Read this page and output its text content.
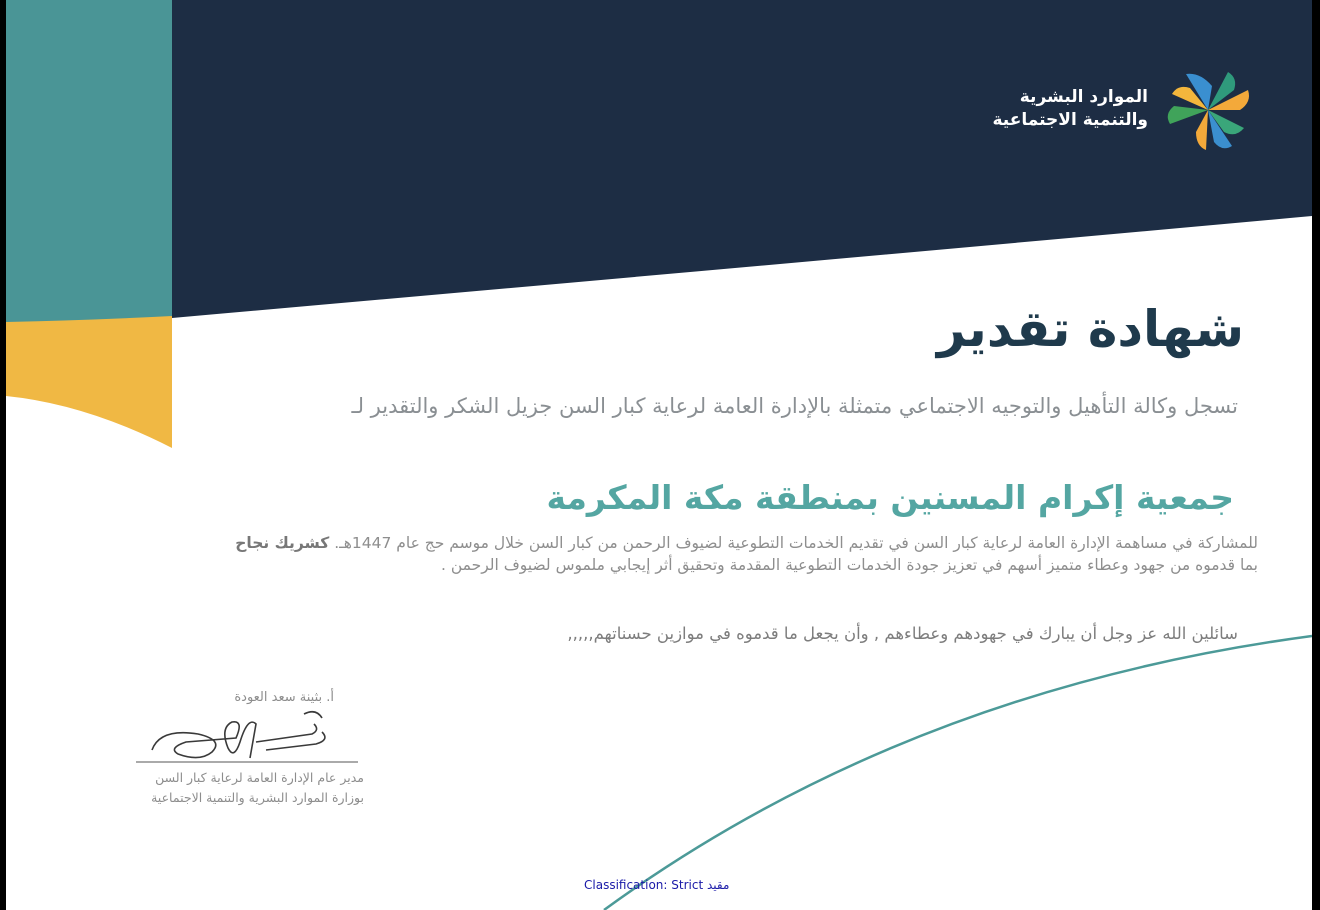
الموارد البشرية
والتنمية الاجتماعية
شهادة تقدير
تسجل وكالة التأهيل والتوجيه الاجتماعي متمثلة بالإدارة العامة لرعاية كبار السن جزيل الشكر والتقدير لـ
جمعية إكرام المسنين بمنطقة مكة المكرمة
للمشاركة في مساهمة الإدارة العامة لرعاية كبار السن في تقديم الخدمات التطوعية لضيوف الرحمن من كبار السن خلال موسم حج عام 1447هـ. كشريك نجاح
بما قدموه من جهود وعطاء متميز أسهم في تعزيز جودة الخدمات التطوعية المقدمة وتحقيق أثر إيجابي ملموس لضيوف الرحمن .
سائلين الله عز وجل أن يبارك في جهودهم وعطاءهم , وأن يجعل ما قدموه في موازين حسناتهم,,,,,
أ. بثينة سعد العودة
مدير عام الإدارة العامة لرعاية كبار السن
بوزارة الموارد البشرية والتنمية الاجتماعية
Classification: Strict مقيد
